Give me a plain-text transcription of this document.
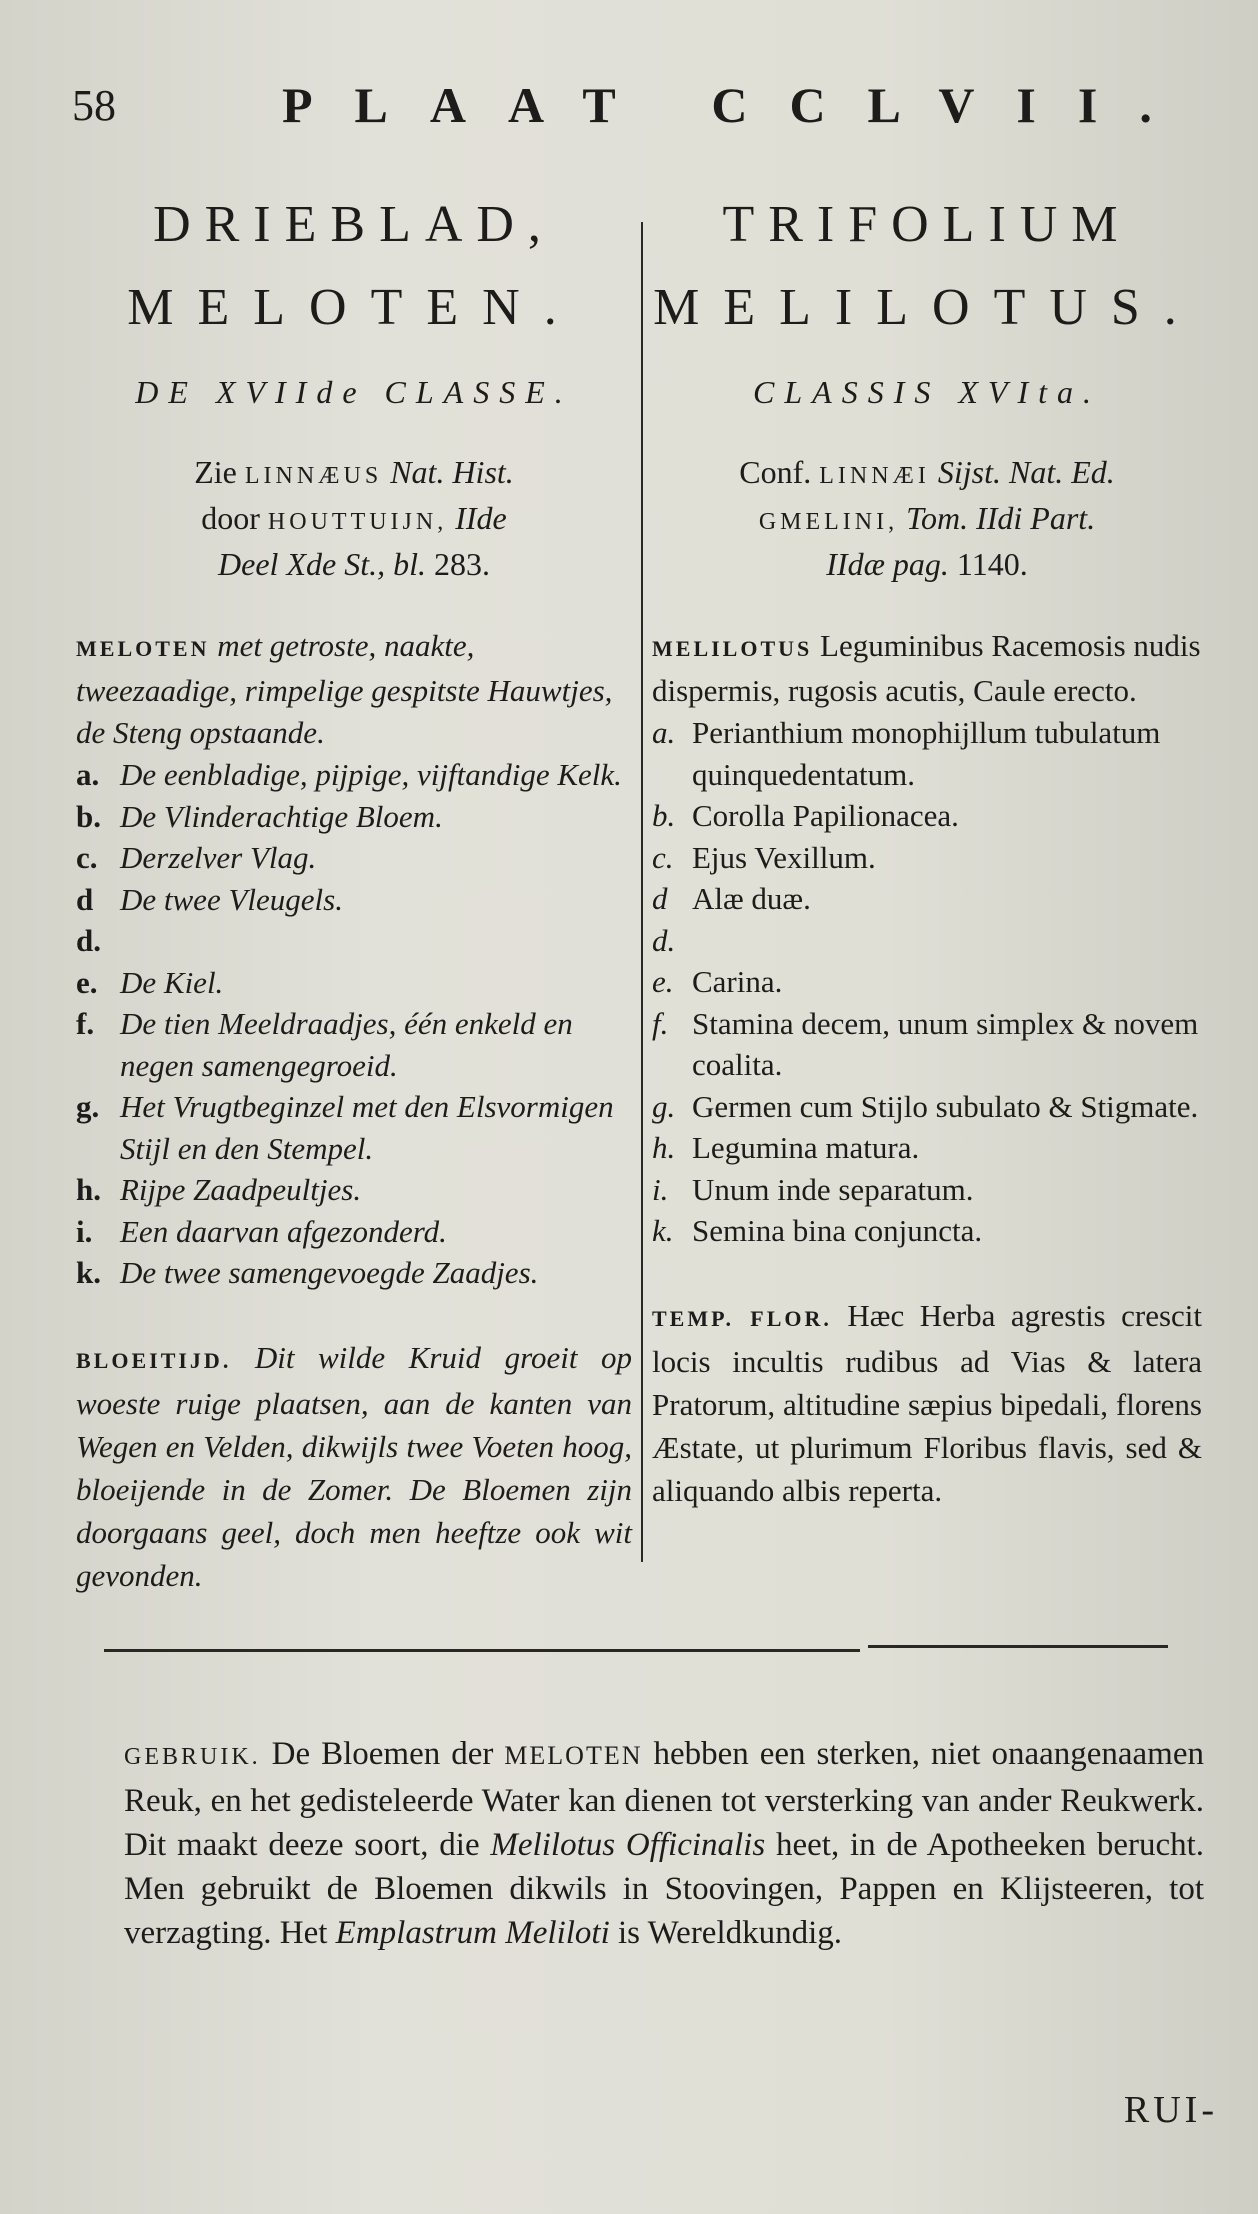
58	PLAAT CCLVII.
DRIEBLAD,
MELOTEN.
DE XVIIde CLASSE.
Zie LINNÆUS Nat. Hist.
door HOUTTUIJN, IIde
Deel Xde St., bl. 283.
MELOTEN met getroste, naakte, tweezaadige, rimpelige gespitste Hauwtjes, de Steng opstaande.
a. De eenbladige, pijpige, vijftandige Kelk.
b. De Vlinderachtige Bloem.
c. Derzelver Vlag.
d d.
De twee Vleugels.
e. De Kiel.
f. De tien Meeldraadjes, één enkeld en negen samengegroeid.
g. Het Vrugtbeginzel met den Elsvormigen Stijl en den Stempel.
h. Rijpe Zaadpeultjes.
i. Een daarvan afgezonderd.
k. De twee samengevoegde Zaadjes.
BLOEITIJD. Dit wilde Kruid groeit op woeste ruige plaatsen, aan de kanten van Wegen en Velden, dikwijls twee Voeten hoog, bloeijende in de Zomer. De Bloemen zijn doorgaans geel, doch men heeftze ook wit gevonden.
TRIFOLIUM
MELILOTUS.
CLASSIS XVIta.
Conf. LINNÆI Sijst. Nat. Ed.
GMELINI, Tom. IIdi Part.
IIdæ pag. 1140.
MELILOTUS Leguminibus Racemosis nudis dispermis, rugosis acutis, Caule erecto.
a. Perianthium monophijllum tubulatum quinquedentatum.
b. Corolla Papilionacea.
c. Ejus Vexillum.
d d.
Alæ duæ.
e. Carina.
f. Stamina decem, unum simplex & novem coalita.
g. Germen cum Stijlo subulato & Stigmate.
h. Legumina matura.
i. Unum inde separatum.
k. Semina bina conjuncta.
TEMP. FLOR. Hæc Herba agrestis crescit locis incultis rudibus ad Vias & latera Pratorum, altitudine sæpius bipedali, florens Æstate, ut plurimum Floribus flavis, sed & aliquando albis reperta.
GEBRUIK. De Bloemen der MELOTEN hebben een sterken, niet onaangenaamen Reuk, en het gedisteleerde Water kan dienen tot versterking van ander Reukwerk. Dit maakt deeze soort, die Melilotus Officinalis heet, in de Apotheeken berucht. Men gebruikt de Bloemen dikwils in Stoovingen, Pappen en Klijsteeren, tot verzagting. Het Emplastrum Meliloti is Wereldkundig.
RUI-
